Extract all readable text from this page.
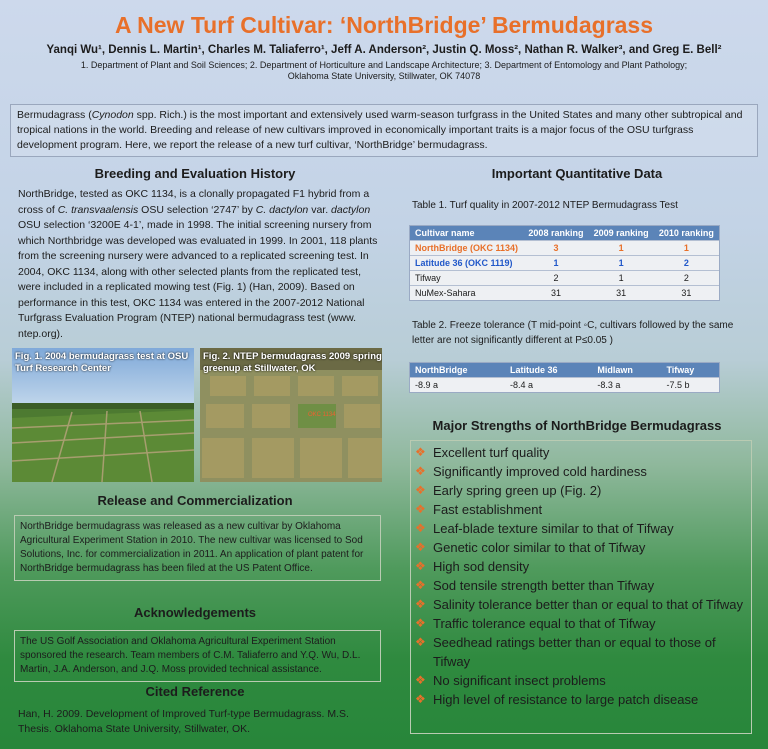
A New Turf Cultivar: ‘NorthBridge’ Bermudagrass
Yanqi Wu¹, Dennis L. Martin¹, Charles M. Taliaferro¹, Jeff A. Anderson², Justin Q. Moss², Nathan R. Walker³, and Greg E. Bell²
1. Department of Plant and Soil Sciences; 2. Department of Horticulture and Landscape Architecture; 3. Department of Entomology and Plant Pathology;
Oklahoma State University, Stillwater, OK 74078
Bermudagrass (Cynodon spp. Rich.) is the most important and extensively used warm-season turfgrass in the United States and many other subtropical and tropical nations in the world. Breeding and release of new cultivars improved in economically important traits is a major focus of the OSU turfgrass development program. Here, we report the release of a new turf cultivar, ‘NorthBridge’ bermudagrass.
Breeding and Evaluation History
NorthBridge, tested as OKC 1134, is a clonally propagated F1 hybrid from a cross of C. transvaalensis OSU selection ‘2747’ by C. dactylon var. dactylon OSU selection ‘3200E 4-1’, made in 1998. The initial screening nursery from which Northbridge was developed was evaluated in 1999. In 2001, 118 plants from the screening nursery were advanced to a replicated screening test. In 2004, OKC 1134, along with other selected plants from the replicated test, were included in a replicated mowing test (Fig. 1) (Han, 2009). Based on performance in this test, OKC 1134 was entered in the 2007-2012 National Turfgrass Evaluation Program (NTEP) national bermudagrass test (www. ntep.org).
Fig. 1. 2004 bermudagrass test at OSU Turf Research Center
Fig. 2. NTEP bermudagrass 2009 spring greenup at Stillwater, OK
OKC 1134
Release and Commercialization
NorthBridge bermudagrass was released as a new cultivar by Oklahoma Agricultural Experiment Station in 2010. The new cultivar was licensed to Sod Solutions, Inc. for commercialization in 2011. An application of plant patent for NorthBridge bermudagrass has been filed at the US Patent Office.
Acknowledgements
The US Golf Association and Oklahoma Agricultural Experiment Station sponsored the research. Team members of C.M. Taliaferro and Y.Q. Wu, D.L. Martin, J.A. Anderson, and J.Q. Moss provided technical assistance.
Cited Reference
Han, H. 2009. Development of Improved Turf-type Bermudagrass. M.S. Thesis. Oklahoma State University, Stillwater, OK.
Important Quantitative Data
Table 1. Turf quality in 2007-2012 NTEP Bermudagrass Test
Cultivar name	2008 ranking	2009 ranking	2010 ranking
NorthBridge (OKC 1134)	3	1	1
Latitude 36 (OKC 1119)	1	1	2
Tifway	2	1	2
NuMex-Sahara	31	31	31
Table 2. Freeze tolerance (T mid-point ◦C, cultivars followed by the same letter are not significantly different at P≤0.05 )
NorthBridge	Latitude 36	Midlawn	Tifway
-8.9 a	-8.4 a	-8.3 a	-7.5 b
Major Strengths of NorthBridge Bermudagrass
❖ Excellent turf quality
❖ Significantly improved cold hardiness
❖ Early spring green up (Fig. 2)
❖ Fast establishment
❖ Leaf-blade texture similar to that of Tifway
❖ Genetic color similar to that of Tifway
❖ High sod density
❖ Sod tensile strength better than Tifway
❖ Salinity tolerance better than or equal to that of Tifway
❖ Traffic tolerance equal to that of Tifway
❖ Seedhead ratings better than or equal to those of Tifway
❖ No significant insect problems
❖ High level of resistance to large patch disease
